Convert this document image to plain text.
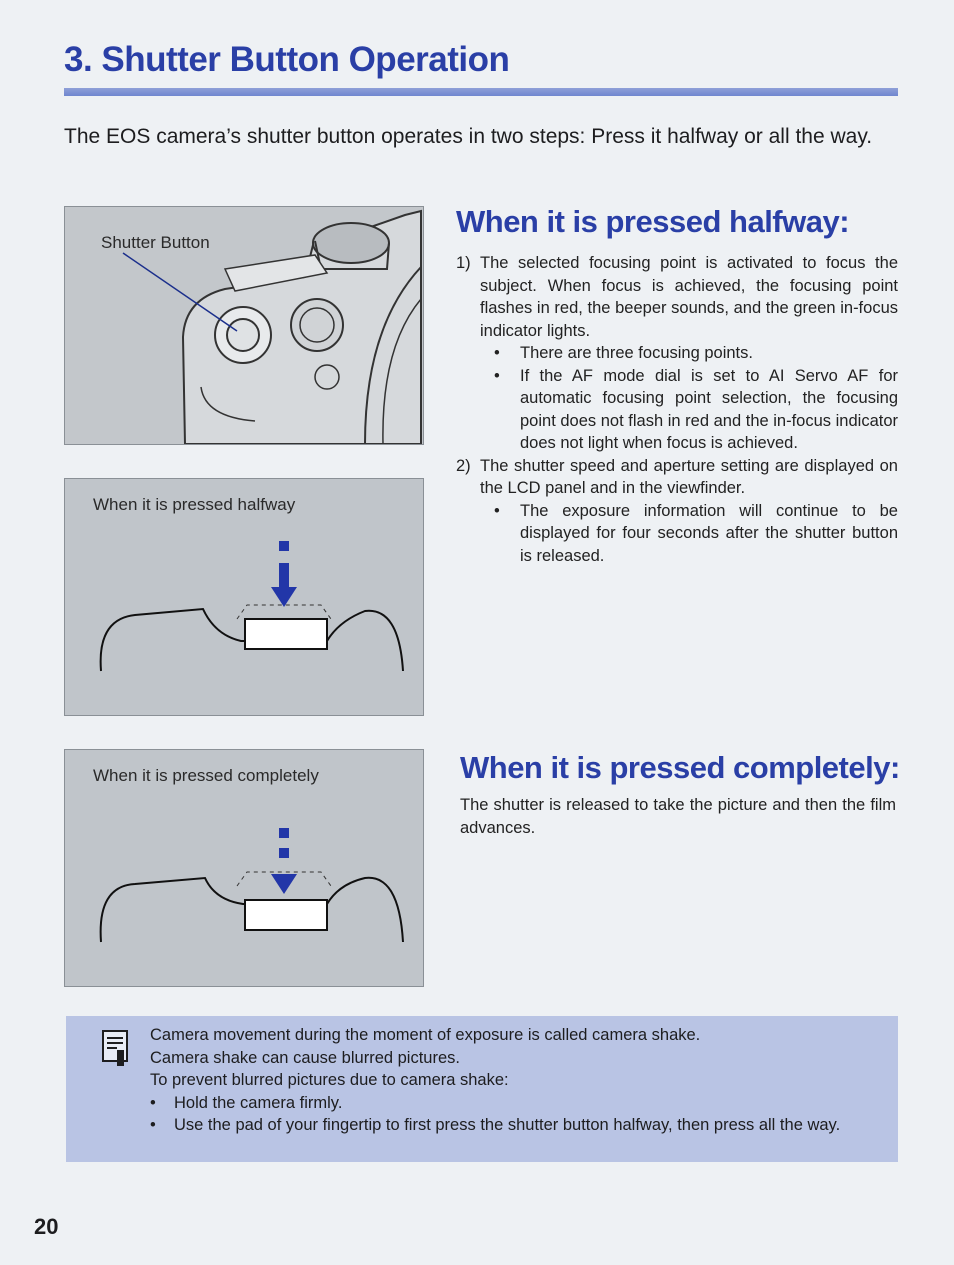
3. Shutter Button Operation

The EOS camera’s shutter button operates in two steps: Press it halfway or all the way.

Shutter Button
When it is pressed halfway
When it is pressed completely
When it is pressed halfway:

1) The selected focusing point is activated to focus the subject. When focus is achieved, the focusing point flashes in red, the beeper sounds, and the green in-focus indicator lights.

• There are three focusing points.

• If the AF mode dial is set to AI Servo AF for automatic focusing point selection, the focusing point does not flash in red and the in-focus indicator does not light when focus is achieved.

2) The shutter speed and aperture setting are displayed on the LCD panel and in the viewfinder.

• The exposure information will continue to be displayed for four seconds after the shutter button is released.

When it is pressed completely:

The shutter is released to take the picture and then the film advances.

Camera movement during the moment of exposure is called camera shake.

Camera shake can cause blurred pictures.

To prevent blurred pictures due to camera shake:

• Hold the camera firmly.

• Use the pad of your fingertip to first press the shutter button halfway, then press all the way.

20
